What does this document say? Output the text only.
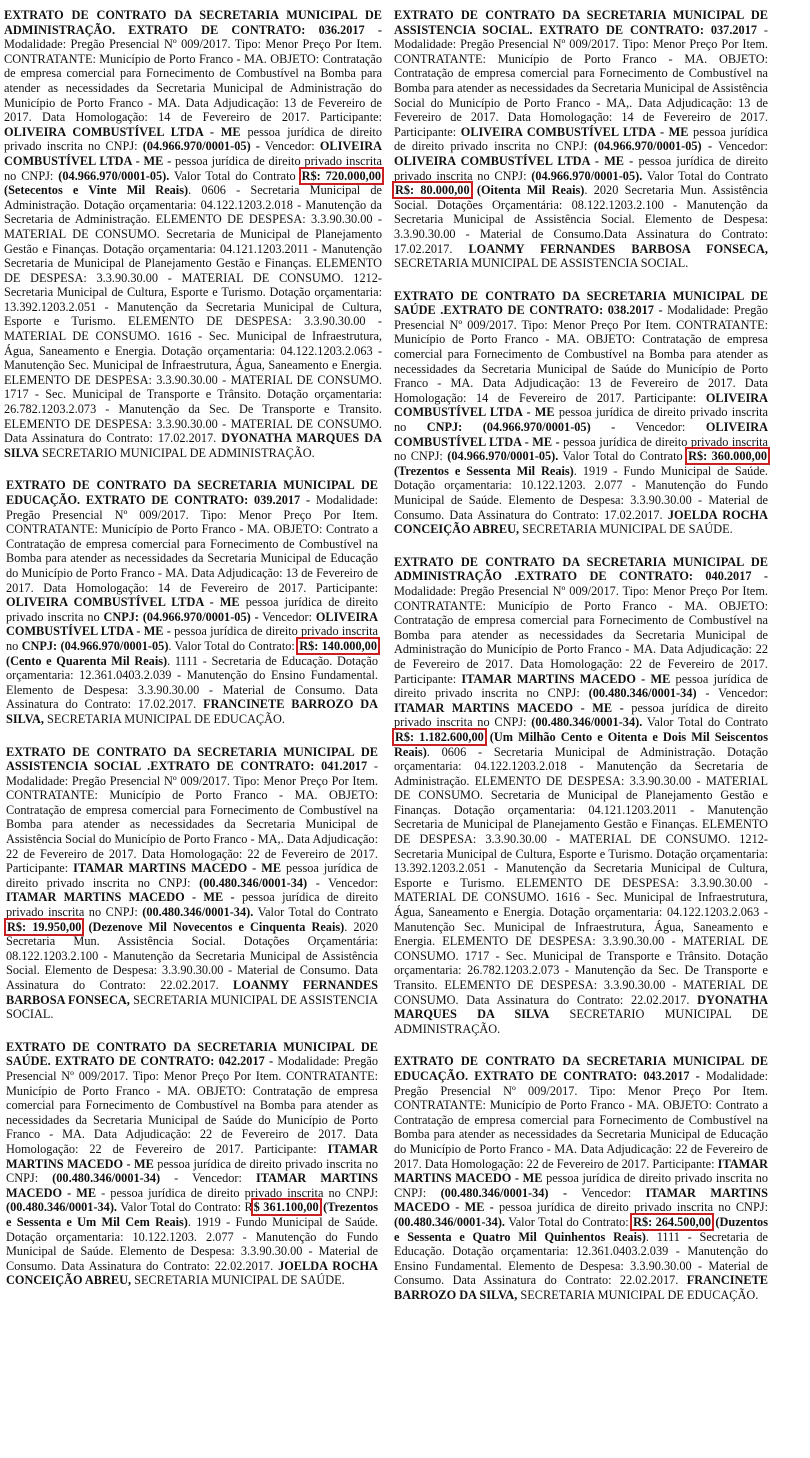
EXTRATO DE CONTRATO DA SECRETARIA MUNICIPAL DE ADMINISTRAÇÃO. EXTRATO DE CONTRATO: 036.2017 - Modalidade: Pregão Presencial Nº 009/2017. Tipo: Menor Preço Por Item. CONTRATANTE: Município de Porto Franco - MA. OBJETO: Contratação de empresa comercial para Fornecimento de Combustível na Bomba para atender as necessidades da Secretaria Municipal de Administração do Município de Porto Franco - MA. Data Adjudicação: 13 de Fevereiro de 2017. Data Homologação: 14 de Fevereiro de 2017. Participante: OLIVEIRA COMBUSTÍVEL LTDA - ME pessoa jurídica de direito privado inscrita no CNPJ: (04.966.970/0001-05) - Vencedor: OLIVEIRA COMBUSTÍVEL LTDA - ME - pessoa jurídica de direito privado inscrita no CNPJ: (04.966.970/0001-05). Valor Total do Contrato R$: 720.000,00 (Setecentos e Vinte Mil Reais). 0606 - Secretaria Municipal de Administração. Dotação orçamentaria: 04.122.1203.2.018 - Manutenção da Secretaria de Administração. ELEMENTO DE DESPESA: 3.3.90.30.00 - MATERIAL DE CONSUMO. Secretaria de Municipal de Planejamento Gestão e Finanças. Dotação orçamentaria: 04.121.1203.2011 - Manutenção Secretaria de Municipal de Planejamento Gestão e Finanças. ELEMENTO DE DESPESA: 3.3.90.30.00 - MATERIAL DE CONSUMO. 1212- Secretaria Municipal de Cultura, Esporte e Turismo. Dotação orçamentaria: 13.392.1203.2.051 - Manutenção da Secretaria Municipal de Cultura, Esporte e Turismo. ELEMENTO DE DESPESA: 3.3.90.30.00 - MATERIAL DE CONSUMO. 1616 - Sec. Municipal de Infraestrutura, Água, Saneamento e Energia. Dotação orçamentaria: 04.122.1203.2.063 - Manutenção Sec. Municipal de Infraestrutura, Água, Saneamento e Energia. ELEMENTO DE DESPESA: 3.3.90.30.00 - MATERIAL DE CONSUMO. 1717 - Sec. Municipal de Transporte e Trânsito. Dotação orçamentaria: 26.782.1203.2.073 - Manutenção da Sec. De Transporte e Transito. ELEMENTO DE DESPESA: 3.3.90.30.00 - MATERIAL DE CONSUMO. Data Assinatura do Contrato: 17.02.2017. DYONATHA MARQUES DA SILVA SECRETARIO MUNICIPAL DE ADMINISTRAÇÃO.
EXTRATO DE CONTRATO DA SECRETARIA MUNICIPAL DE EDUCAÇÃO. EXTRATO DE CONTRATO: 039.2017 - Modalidade: Pregão Presencial Nº 009/2017. Tipo: Menor Preço Por Item. CONTRATANTE: Município de Porto Franco - MA. OBJETO: Contrato a Contratação de empresa comercial para Fornecimento de Combustível na Bomba para atender as necessidades da Secretaria Municipal de Educação do Município de Porto Franco - MA. Data Adjudicação: 13 de Fevereiro de 2017. Data Homologação: 14 de Fevereiro de 2017. Participante: OLIVEIRA COMBUSTÍVEL LTDA - ME pessoa jurídica de direito privado inscrita no CNPJ: (04.966.970/0001-05) - Vencedor: OLIVEIRA COMBUSTÍVEL LTDA - ME - pessoa jurídica de direito privado inscrita no CNPJ: (04.966.970/0001-05). Valor Total do Contrato: R$: 140.000,00 (Cento e Quarenta Mil Reais). 1111 - Secretaria de Educação. Dotação orçamentaria: 12.361.0403.2.039 - Manutenção do Ensino Fundamental. Elemento de Despesa: 3.3.90.30.00 - Material de Consumo. Data Assinatura do Contrato: 17.02.2017. FRANCINETE BARROZO DA SILVA, SECRETARIA MUNICIPAL DE EDUCAÇÃO.
EXTRATO DE CONTRATO DA SECRETARIA MUNICIPAL DE ASSISTENCIA SOCIAL .EXTRATO DE CONTRATO: 041.2017 - Modalidade: Pregão Presencial Nº 009/2017. Tipo: Menor Preço Por Item. CONTRATANTE: Município de Porto Franco - MA. OBJETO: Contratação de empresa comercial para Fornecimento de Combustível na Bomba para atender as necessidades da Secretaria Municipal de Assistência Social do Município de Porto Franco - MA,. Data Adjudicação: 22 de Fevereiro de 2017. Data Homologação: 22 de Fevereiro de 2017. Participante: ITAMAR MARTINS MACEDO - ME pessoa jurídica de direito privado inscrita no CNPJ: (00.480.346/0001-34) - Vencedor: ITAMAR MARTINS MACEDO - ME - pessoa jurídica de direito privado inscrita no CNPJ: (00.480.346/0001-34). Valor Total do Contrato R$: 19.950,00 (Dezenove Mil Novecentos e Cinquenta Reais). 2020 Secretaria Mun. Assistência Social. Dotações Orçamentária: 08.122.1203.2.100 - Manutenção da Secretaria Municipal de Assistência Social. Elemento de Despesa: 3.3.90.30.00 - Material de Consumo. Data Assinatura do Contrato: 22.02.2017. LOANMY FERNANDES BARBOSA FONSECA, SECRETARIA MUNICIPAL DE ASSISTENCIA SOCIAL.
EXTRATO DE CONTRATO DA SECRETARIA MUNICIPAL DE SAÚDE. EXTRATO DE CONTRATO: 042.2017 - Modalidade: Pregão Presencial Nº 009/2017. Tipo: Menor Preço Por Item. CONTRATANTE: Município de Porto Franco - MA. OBJETO: Contratação de empresa comercial para Fornecimento de Combustível na Bomba para atender as necessidades da Secretaria Municipal de Saúde do Município de Porto Franco - MA. Data Adjudicação: 22 de Fevereiro de 2017. Data Homologação: 22 de Fevereiro de 2017. Participante: ITAMAR MARTINS MACEDO - ME pessoa jurídica de direito privado inscrita no CNPJ: (00.480.346/0001-34) - Vencedor: ITAMAR MARTINS MACEDO - ME - pessoa jurídica de direito privado inscrita no CNPJ: (00.480.346/0001-34). Valor Total do Contrato: R$ 361.100,00 (Trezentos e Sessenta e Um Mil Cem Reais). 1919 - Fundo Municipal de Saúde. Dotação orçamentaria: 10.122.1203. 2.077 - Manutenção do Fundo Municipal de Saúde. Elemento de Despesa: 3.3.90.30.00 - Material de Consumo. Data Assinatura do Contrato: 22.02.2017. JOELDA ROCHA CONCEIÇÃO ABREU, SECRETARIA MUNICIPAL DE SAÚDE.
EXTRATO DE CONTRATO DA SECRETARIA MUNICIPAL DE ASSISTENCIA SOCIAL. EXTRATO DE CONTRATO: 037.2017 - Modalidade: Pregão Presencial Nº 009/2017. Tipo: Menor Preço Por Item. CONTRATANTE: Município de Porto Franco - MA. OBJETO: Contratação de empresa comercial para Fornecimento de Combustível na Bomba para atender as necessidades da Secretaria Municipal de Assistência Social do Município de Porto Franco - MA,. Data Adjudicação: 13 de Fevereiro de 2017. Data Homologação: 14 de Fevereiro de 2017. Participante: OLIVEIRA COMBUSTÍVEL LTDA - ME pessoa jurídica de direito privado inscrita no CNPJ: (04.966.970/0001-05) - Vencedor: OLIVEIRA COMBUSTÍVEL LTDA - ME - pessoa jurídica de direito privado inscrita no CNPJ: (04.966.970/0001-05). Valor Total do Contrato R$: 80.000,00 (Oitenta Mil Reais). 2020 Secretaria Mun. Assistência Social. Dotações Orçamentária: 08.122.1203.2.100 - Manutenção da Secretaria Municipal de Assistência Social. Elemento de Despesa: 3.3.90.30.00 - Material de Consumo.Data Assinatura do Contrato: 17.02.2017. LOANMY FERNANDES BARBOSA FONSECA, SECRETARIA MUNICIPAL DE ASSISTENCIA SOCIAL.
EXTRATO DE CONTRATO DA SECRETARIA MUNICIPAL DE SAÚDE .EXTRATO DE CONTRATO: 038.2017 - Modalidade: Pregão Presencial Nº 009/2017. Tipo: Menor Preço Por Item. CONTRATANTE: Município de Porto Franco - MA. OBJETO: Contratação de empresa comercial para Fornecimento de Combustível na Bomba para atender as necessidades da Secretaria Municipal de Saúde do Município de Porto Franco - MA. Data Adjudicação: 13 de Fevereiro de 2017. Data Homologação: 14 de Fevereiro de 2017. Participante: OLIVEIRA COMBUSTÍVEL LTDA - ME pessoa jurídica de direito privado inscrita no CNPJ: (04.966.970/0001-05) - Vencedor: OLIVEIRA COMBUSTÍVEL LTDA - ME - pessoa jurídica de direito privado inscrita no CNPJ: (04.966.970/0001-05). Valor Total do Contrato R$: 360.000,00 (Trezentos e Sessenta Mil Reais). 1919 - Fundo Municipal de Saúde. Dotação orçamentaria: 10.122.1203. 2.077 - Manutenção do Fundo Municipal de Saúde. Elemento de Despesa: 3.3.90.30.00 - Material de Consumo. Data Assinatura do Contrato: 17.02.2017. JOELDA ROCHA CONCEIÇÃO ABREU, SECRETARIA MUNICIPAL DE SAÚDE.
EXTRATO DE CONTRATO DA SECRETARIA MUNICIPAL DE ADMINISTRAÇÃO .EXTRATO DE CONTRATO: 040.2017 - Modalidade: Pregão Presencial Nº 009/2017. Tipo: Menor Preço Por Item. CONTRATANTE: Município de Porto Franco - MA. OBJETO: Contratação de empresa comercial para Fornecimento de Combustível na Bomba para atender as necessidades da Secretaria Municipal de Administração do Município de Porto Franco - MA. Data Adjudicação: 22 de Fevereiro de 2017. Data Homologação: 22 de Fevereiro de 2017. Participante: ITAMAR MARTINS MACEDO - ME pessoa jurídica de direito privado inscrita no CNPJ: (00.480.346/0001-34) - Vencedor: ITAMAR MARTINS MACEDO - ME - pessoa jurídica de direito privado inscrita no CNPJ: (00.480.346/0001-34). Valor Total do Contrato R$: 1.182.600,00 (Um Milhão Cento e Oitenta e Dois Mil Seiscentos Reais). 0606 - Secretaria Municipal de Administração. Dotação orçamentaria: 04.122.1203.2.018 - Manutenção da Secretaria de Administração. ELEMENTO DE DESPESA: 3.3.90.30.00 - MATERIAL DE CONSUMO. Secretaria de Municipal de Planejamento Gestão e Finanças. Dotação orçamentaria: 04.121.1203.2011 - Manutenção Secretaria de Municipal de Planejamento Gestão e Finanças. ELEMENTO DE DESPESA: 3.3.90.30.00 - MATERIAL DE CONSUMO. 1212- Secretaria Municipal de Cultura, Esporte e Turismo. Dotação orçamentaria: 13.392.1203.2.051 - Manutenção da Secretaria Municipal de Cultura, Esporte e Turismo. ELEMENTO DE DESPESA: 3.3.90.30.00 - MATERIAL DE CONSUMO. 1616 - Sec. Municipal de Infraestrutura, Água, Saneamento e Energia. Dotação orçamentaria: 04.122.1203.2.063 - Manutenção Sec. Municipal de Infraestrutura, Água, Saneamento e Energia. ELEMENTO DE DESPESA: 3.3.90.30.00 - MATERIAL DE CONSUMO. 1717 - Sec. Municipal de Transporte e Trânsito. Dotação orçamentaria: 26.782.1203.2.073 - Manutenção da Sec. De Transporte e Transito. ELEMENTO DE DESPESA: 3.3.90.30.00 - MATERIAL DE CONSUMO. Data Assinatura do Contrato: 22.02.2017. DYONATHA MARQUES DA SILVA SECRETARIO MUNICIPAL DE ADMINISTRAÇÃO.
EXTRATO DE CONTRATO DA SECRETARIA MUNICIPAL DE EDUCAÇÃO. EXTRATO DE CONTRATO: 043.2017 - Modalidade: Pregão Presencial Nº 009/2017. Tipo: Menor Preço Por Item. CONTRATANTE: Município de Porto Franco - MA. OBJETO: Contrato a Contratação de empresa comercial para Fornecimento de Combustível na Bomba para atender as necessidades da Secretaria Municipal de Educação do Município de Porto Franco - MA. Data Adjudicação: 22 de Fevereiro de 2017. Data Homologação: 22 de Fevereiro de 2017. Participante: ITAMAR MARTINS MACEDO - ME pessoa jurídica de direito privado inscrita no CNPJ: (00.480.346/0001-34) - Vencedor: ITAMAR MARTINS MACEDO - ME - pessoa jurídica de direito privado inscrita no CNPJ: (00.480.346/0001-34). Valor Total do Contrato: R$: 264.500,00 (Duzentos e Sessenta e Quatro Mil Quinhentos Reais). 1111 - Secretaria de Educação. Dotação orçamentaria: 12.361.0403.2.039 - Manutenção do Ensino Fundamental. Elemento de Despesa: 3.3.90.30.00 - Material de Consumo. Data Assinatura do Contrato: 22.02.2017. FRANCINETE BARROZO DA SILVA, SECRETARIA MUNICIPAL DE EDUCAÇÃO.
